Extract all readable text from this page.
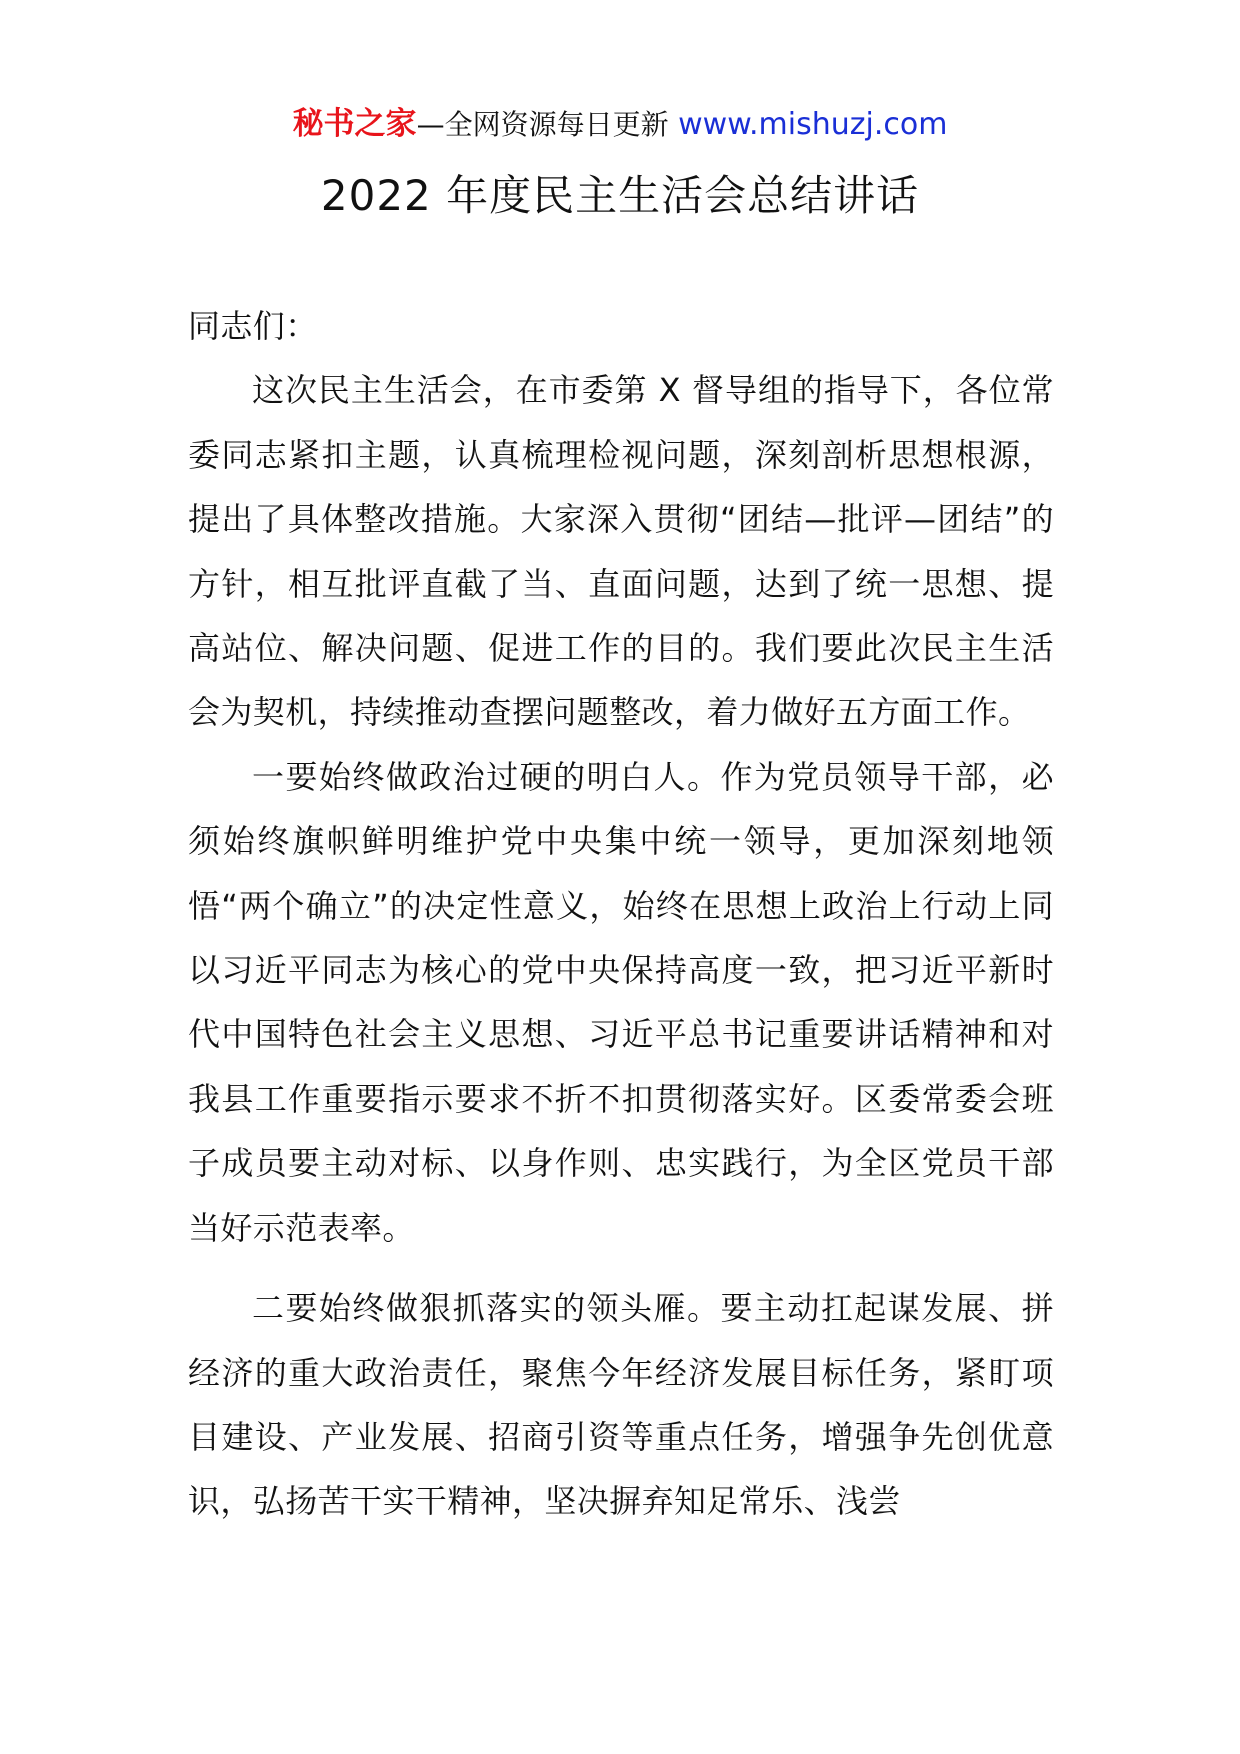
秘书之家—全网资源每日更新 www.mishuzj.com
2022 年度民主生活会总结讲话

同志们：

这次民主生活会，在市委第 X 督导组的指导下，各位常委同志紧扣主题，认真梳理检视问题，深刻剖析思想根源，提出了具体整改措施。大家深入贯彻“团结—批评—团结”的方针，相互批评直截了当、直面问题，达到了统一思想、提高站位、解决问题、促进工作的目的。我们要此次民主生活会为契机，持续推动查摆问题整改，着力做好五方面工作。

一要始终做政治过硬的明白人。作为党员领导干部，必须始终旗帜鲜明维护党中央集中统一领导，更加深刻地领悟“两个确立”的决定性意义，始终在思想上政治上行动上同以习近平同志为核心的党中央保持高度一致，把习近平新时代中国特色社会主义思想、习近平总书记重要讲话精神和对我县工作重要指示要求不折不扣贯彻落实好。区委常委会班子成员要主动对标、以身作则、忠实践行，为全区党员干部当好示范表率。

二要始终做狠抓落实的领头雁。要主动扛起谋发展、拼经济的重大政治责任，聚焦今年经济发展目标任务，紧盯项目建设、产业发展、招商引资等重点任务，增强争先创优意识，弘扬苦干实干精神，坚决摒弃知足常乐、浅尝
